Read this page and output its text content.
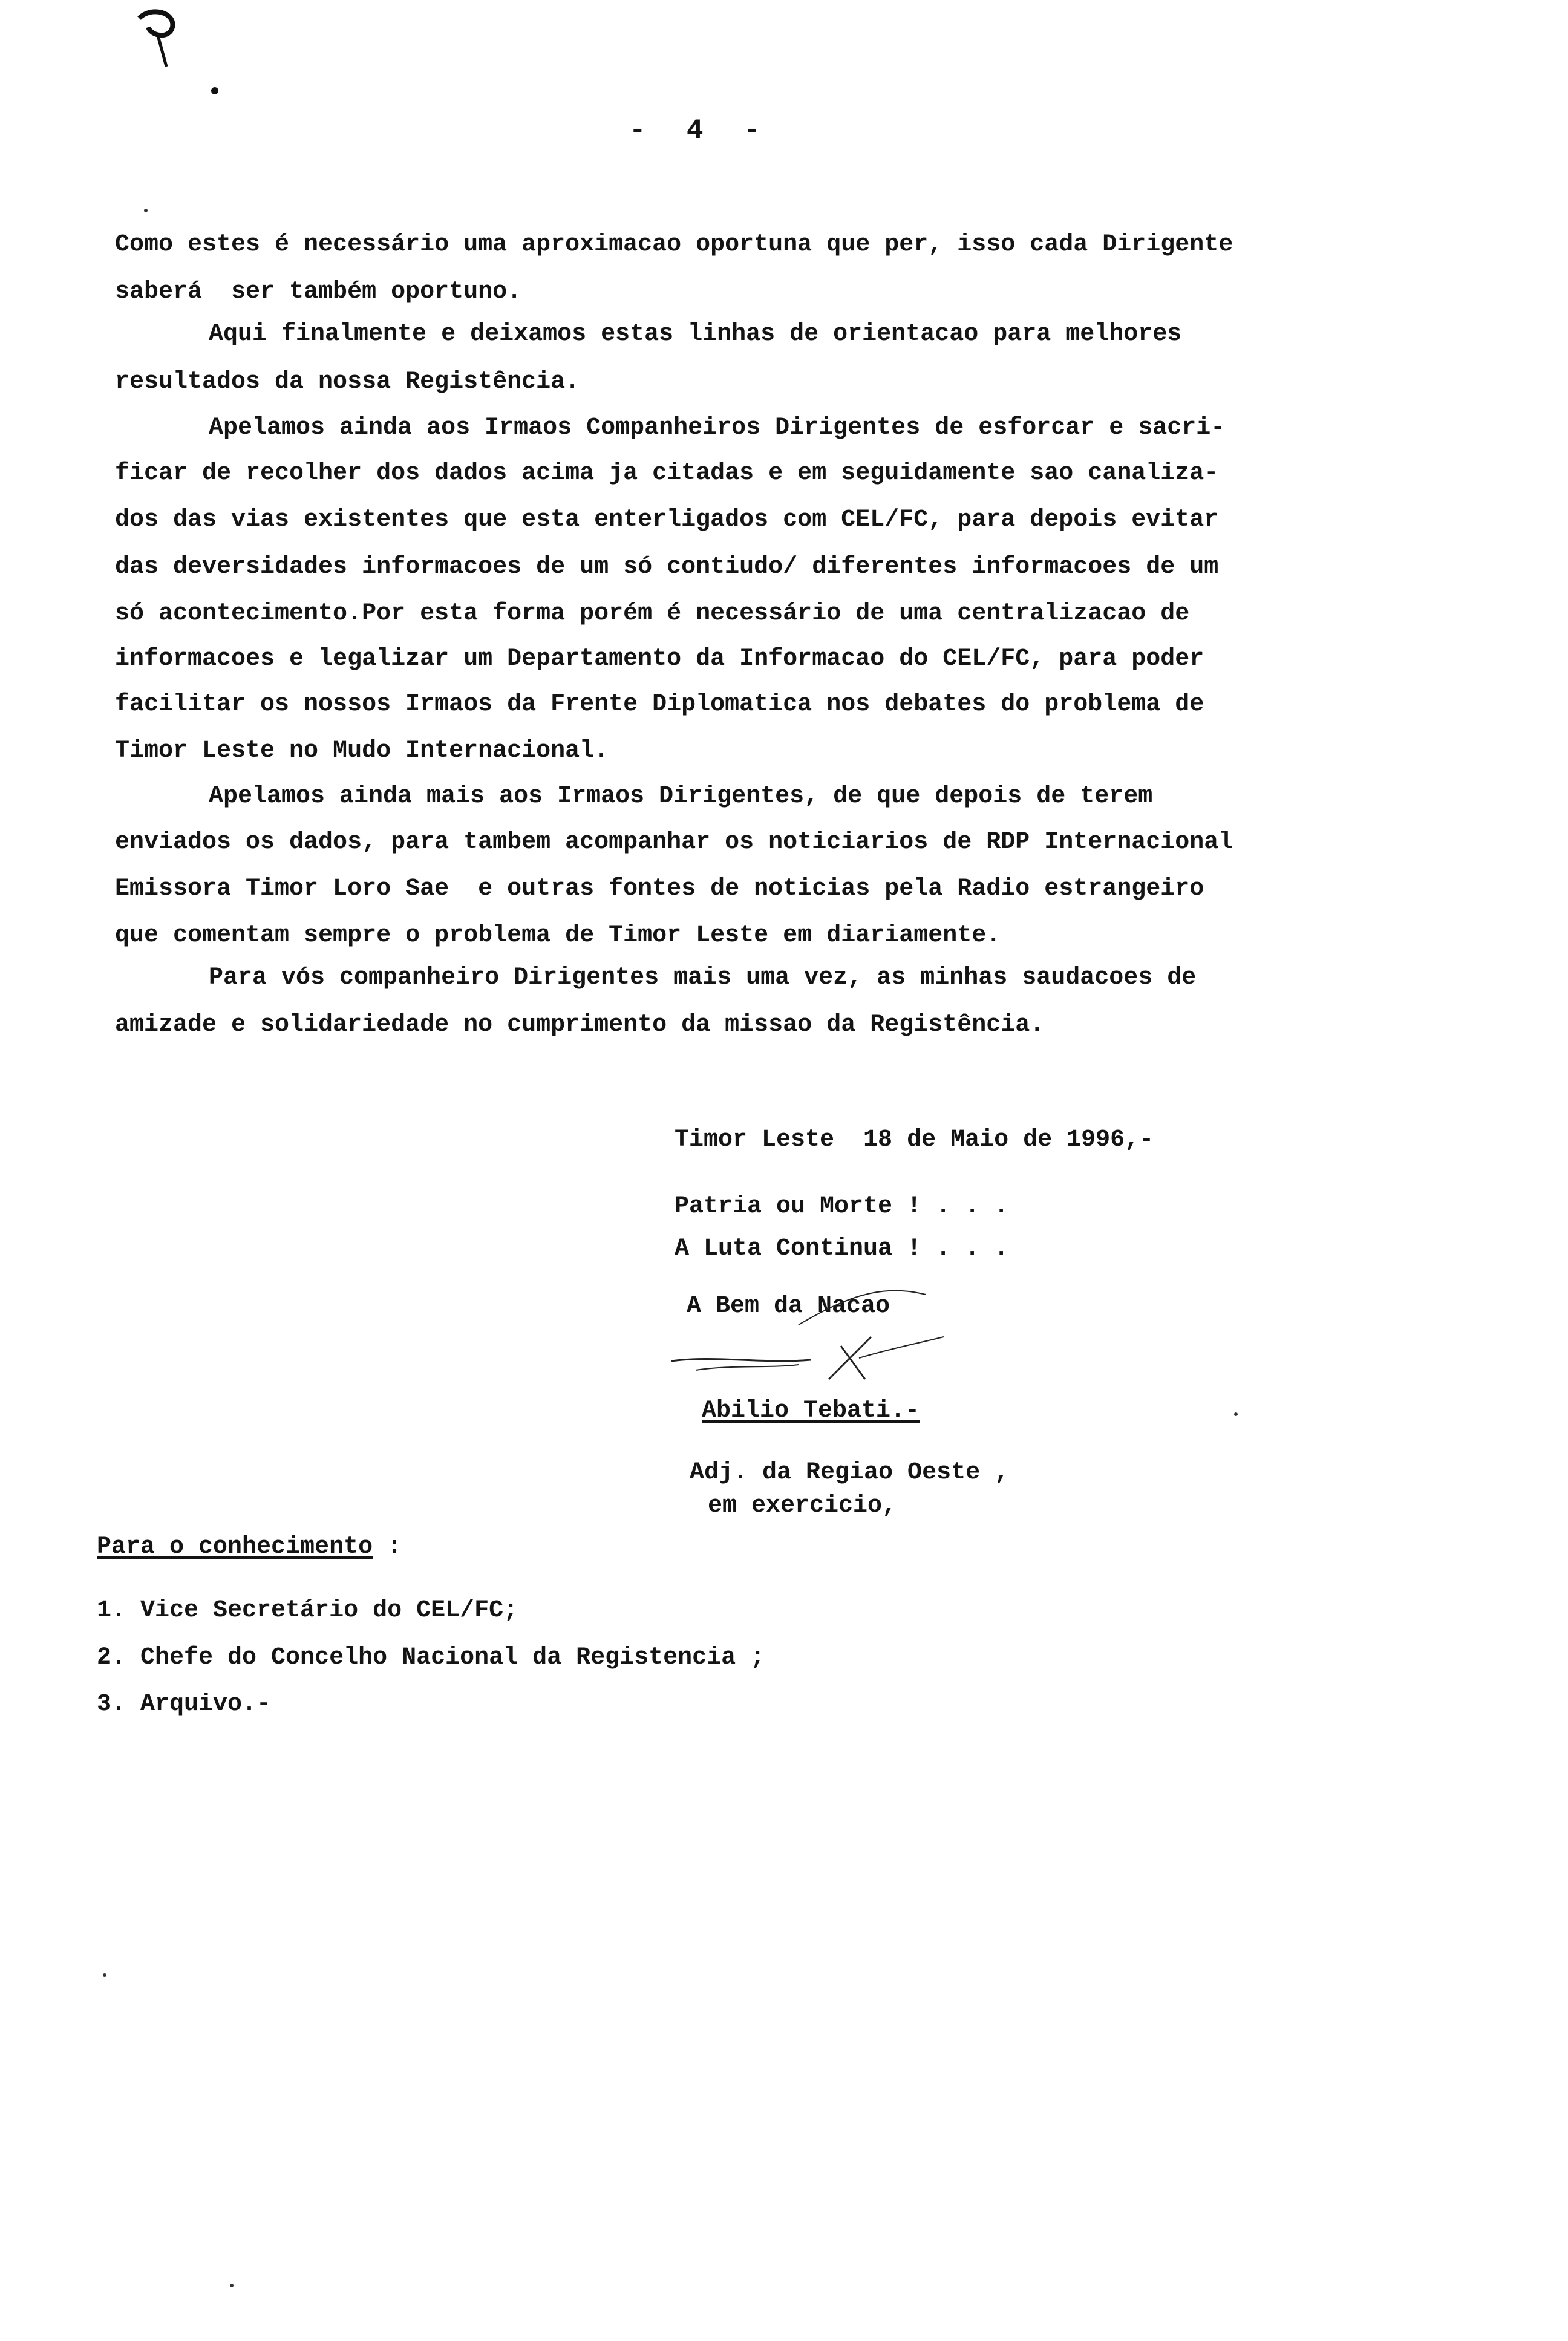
-  4  -
Como estes é necessário uma aproximacao oportuna que per, isso cada Dirigente
saberá  ser também oportuno.
Aqui finalmente e deixamos estas linhas de orientacao para melhores
resultados da nossa Registência.
Apelamos ainda aos Irmaos Companheiros Dirigentes de esforcar e sacri-
ficar de recolher dos dados acima ja citadas e em seguidamente sao canaliza-
dos das vias existentes que esta enterligados com CEL/FC, para depois evitar
das deversidades informacoes de um só contiudo/ diferentes informacoes de um
só acontecimento.Por esta forma porém é necessário de uma centralizacao de
informacoes e legalizar um Departamento da Informacao do CEL/FC, para poder
facilitar os nossos Irmaos da Frente Diplomatica nos debates do problema de
Timor Leste no Mudo Internacional.
Apelamos ainda mais aos Irmaos Dirigentes, de que depois de terem
enviados os dados, para tambem acompanhar os noticiarios de RDP Internacional
Emissora Timor Loro Sae  e outras fontes de noticias pela Radio estrangeiro
que comentam sempre o problema de Timor Leste em diariamente.
Para vós companheiro Dirigentes mais uma vez, as minhas saudacoes de
amizade e solidariedade no cumprimento da missao da Registência.
Timor Leste  18 de Maio de 1996,-
Patria ou Morte ! . . .
A Luta Continua ! . . .
A Bem da Nacao
Abilio Tebati.-
Adj. da Regiao Oeste ,
em exercicio,
Para o conhecimento :
1. Vice Secretário do CEL/FC;
2. Chefe do Concelho Nacional da Registencia ;
3. Arquivo.-
